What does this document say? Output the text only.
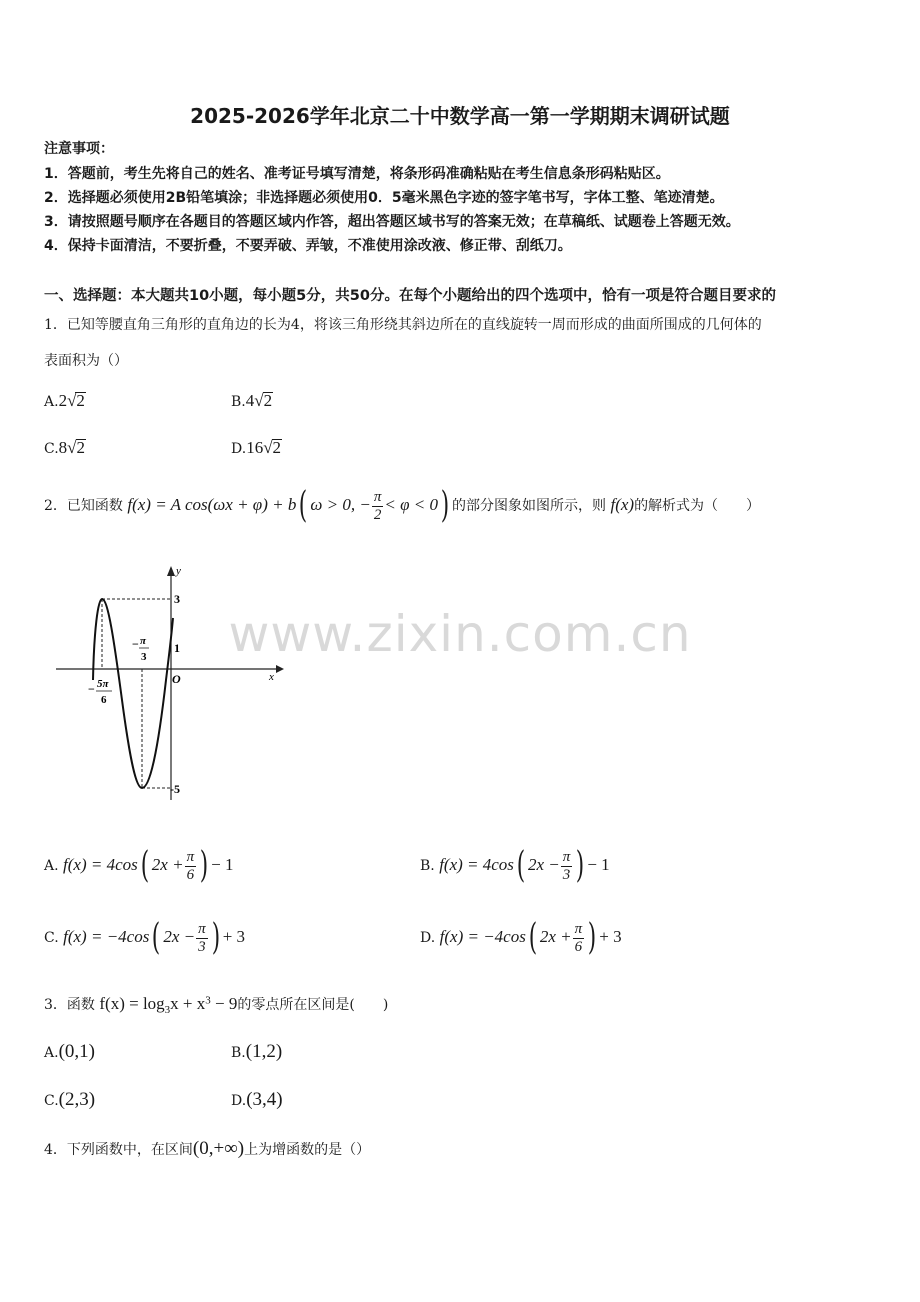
2025-2026学年北京二十中数学高一第一学期期末调研试题
注意事项：
1．答题前，考生先将自己的姓名、准考证号填写清楚，将条形码准确粘贴在考生信息条形码粘贴区。
2．选择题必须使用2B铅笔填涂；非选择题必须使用0．5毫米黑色字迹的签字笔书写，字体工整、笔迹清楚。
3．请按照题号顺序在各题目的答题区域内作答，超出答题区域书写的答案无效；在草稿纸、试题卷上答题无效。
4．保持卡面清洁，不要折叠，不要弄破、弄皱，不准使用涂改液、修正带、刮纸刀。
一、选择题：本大题共10小题，每小题5分，共50分。在每个小题给出的四个选项中，恰有一项是符合题目要求的
1．已知等腰直角三角形的直角边的长为4，将该三角形绕其斜边所在的直线旋转一周而形成的曲面所围成的几何体的
表面积为（）
A.2√2	B.4√2
C.8√2	D.16√2
2．已知函数 f(x) = A cos(ωx + φ) + b( ω > 0, − $\frac{\pi}{2} < \varphi < 0$) 的部分图象如图所示，则 f(x)的解析式为（　　）
y
x
3
1
O
-5
− π
3
− 5π
6
www.zixin.com.cn
A. f(x) = 4cos( $2x + \frac{\pi}{6}$ ) − 1	B. f(x) = 4cos( $2x - \frac{\pi}{3}$ ) − 1
C. f(x) = −4cos( $2x - \frac{\pi}{3}$ ) + 3	D. f(x) = −4cos( $2x + \frac{\pi}{6}$ ) + 3
3．函数 $f(x) = \log_3x + x^3 - 9$的零点所在区间是(　　)
A.(0,1)	B.(1,2)
C.(2,3)	D.(3,4)
4．下列函数中，在区间(0,+∞)上为增函数的是（）
